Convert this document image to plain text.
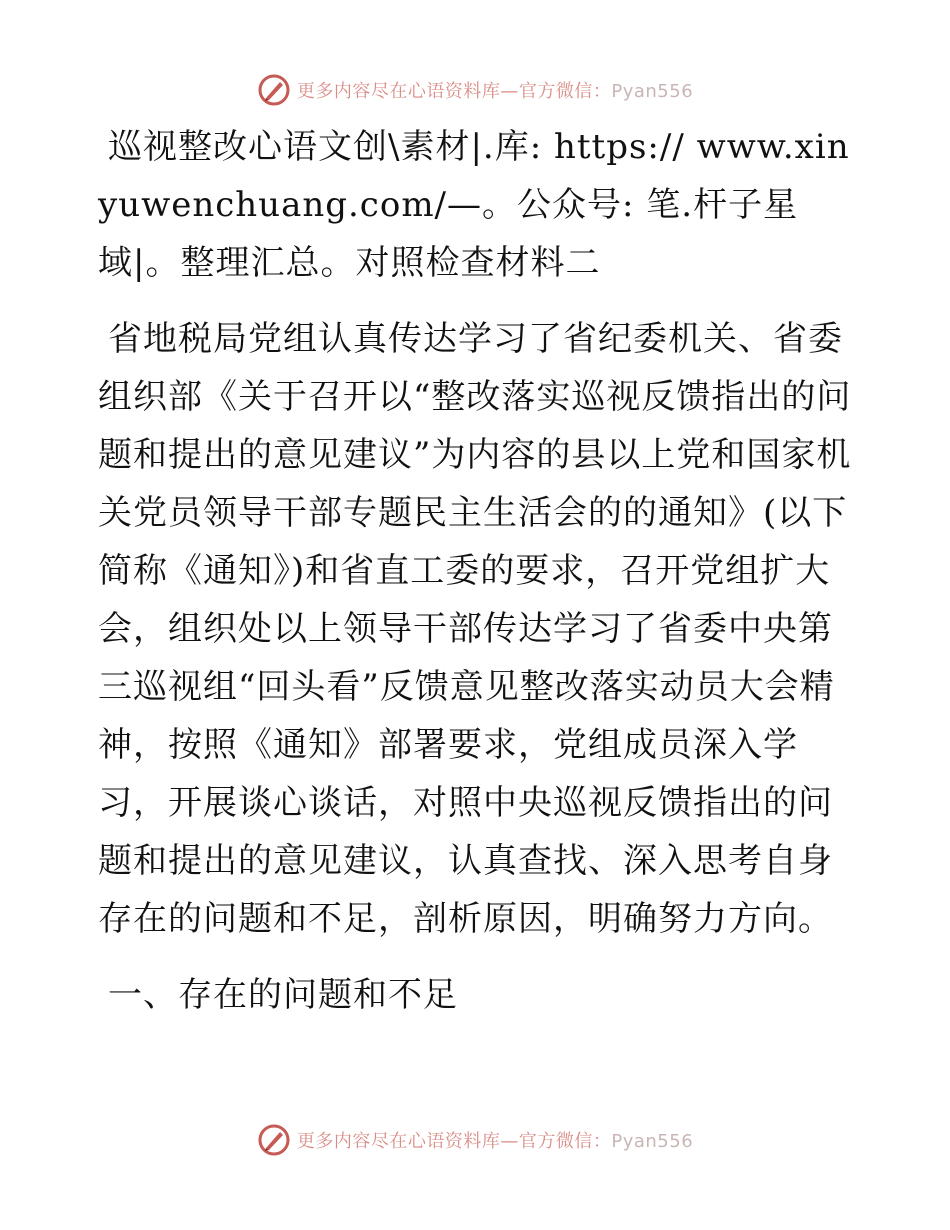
更多内容尽在心语资料库—官方微信：Pyan556

巡视整改心语文创\素材|.库: https:// www.xinyuwenchuang.com/—。公众号: 笔.杆子星域|。整理汇总。对照检查材料二

省地税局党组认真传达学习了省纪委机关、省委组织部《关于召开以“整改落实巡视反馈指出的问题和提出的意见建议”为内容的县以上党和国家机关党员领导干部专题民主生活会的的通知》(以下简称《通知》)和省直工委的要求，召开党组扩大会，组织处以上领导干部传达学习了省委中央第三巡视组“回头看”反馈意见整改落实动员大会精神，按照《通知》部署要求，党组成员深入学习，开展谈心谈话，对照中央巡视反馈指出的问题和提出的意见建议，认真查找、深入思考自身存在的问题和不足，剖析原因，明确努力方向。

一、存在的问题和不足

更多内容尽在心语资料库—官方微信：Pyan556
